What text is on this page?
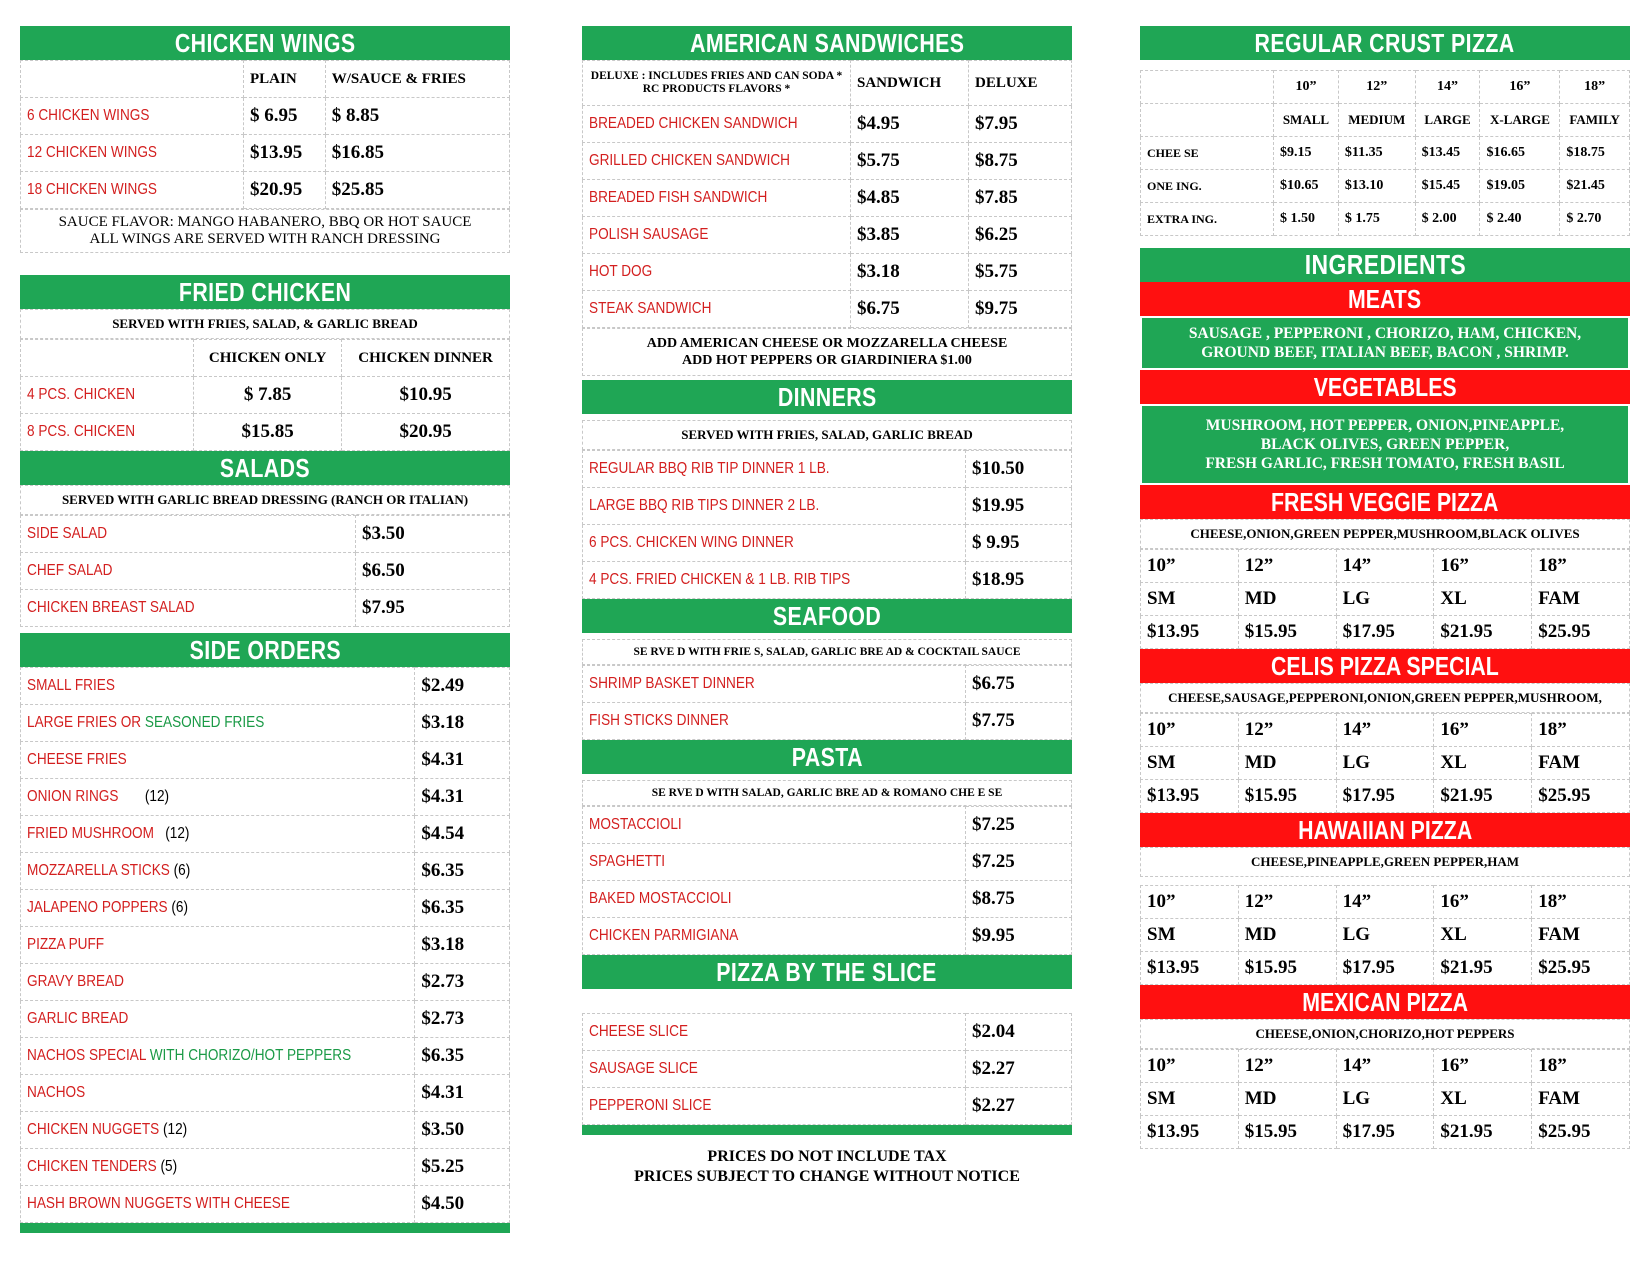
CHICKEN WINGS
	PLAIN	W/SAUCE & FRIES
6 CHICKEN WINGS	$ 6.95	$ 8.85
12 CHICKEN WINGS	$13.95	$16.85
18 CHICKEN WINGS	$20.95	$25.85
SAUCE FLAVOR: MANGO HABANERO, BBQ OR HOT SAUCE
ALL WINGS ARE SERVED WITH RANCH DRESSING
FRIED CHICKEN
SERVED WITH FRIES, SALAD, & GARLIC BREAD
	CHICKEN ONLY	CHICKEN DINNER
4 PCS. CHICKEN	$ 7.85	$10.95
8 PCS. CHICKEN	$15.85	$20.95
SALADS
SERVED WITH GARLIC BREAD DRESSING (RANCH OR ITALIAN)
SIDE SALAD	$3.50
CHEF SALAD	$6.50
CHICKEN BREAST SALAD	$7.95
SIDE ORDERS
SMALL FRIES	$2.49
LARGE FRIES OR SEASONED FRIES	$3.18
CHEESE FRIES	$4.31
ONION RINGS (12)	$4.31
FRIED MUSHROOM (12)	$4.54
MOZZARELLA STICKS (6)	$6.35
JALAPENO POPPERS (6)	$6.35
PIZZA PUFF	$3.18
GRAVY BREAD	$2.73
GARLIC BREAD	$2.73
NACHOS SPECIAL WITH CHORIZO/HOT PEPPERS	$6.35
NACHOS	$4.31
CHICKEN NUGGETS (12)	$3.50
CHICKEN TENDERS (5)	$5.25
HASH BROWN NUGGETS WITH CHEESE	$4.50
AMERICAN SANDWICHES
DELUXE : INCLUDES FRIES AND CAN SODA * RC PRODUCTS FLAVORS *	SANDWICH	DELUXE
BREADED CHICKEN SANDWICH	$4.95	$7.95
GRILLED CHICKEN SANDWICH	$5.75	$8.75
BREADED FISH SANDWICH	$4.85	$7.85
POLISH SAUSAGE	$3.85	$6.25
HOT DOG	$3.18	$5.75
STEAK SANDWICH	$6.75	$9.75
ADD AMERICAN CHEESE OR MOZZARELLA CHEESE
ADD HOT PEPPERS OR GIARDINIERA $1.00
DINNERS
SERVED WITH FRIES, SALAD, GARLIC BREAD
REGULAR BBQ RIB TIP DINNER 1 LB.	$10.50
LARGE BBQ RIB TIPS DINNER 2 LB.	$19.95
6 PCS. CHICKEN WING DINNER	$ 9.95
4 PCS. FRIED CHICKEN & 1 LB. RIB TIPS	$18.95
SEAFOOD
SE RVE D WITH FRIE S, SALAD, GARLIC BRE AD & COCKTAIL SAUCE
SHRIMP BASKET DINNER	$6.75
FISH STICKS DINNER	$7.75
PASTA
SE RVE D WITH SALAD, GARLIC BRE AD & ROMANO CHE E SE
MOSTACCIOLI	$7.25
SPAGHETTI	$7.25
BAKED MOSTACCIOLI	$8.75
CHICKEN PARMIGIANA	$9.95
PIZZA BY THE SLICE
CHEESE SLICE	$2.04
SAUSAGE SLICE	$2.27
PEPPERONI SLICE	$2.27
PRICES DO NOT INCLUDE TAX
PRICES SUBJECT TO CHANGE WITHOUT NOTICE
REGULAR CRUST PIZZA
	10”	12”	14”	16”	18”
	SMALL	MEDIUM	LARGE	X-LARGE	FAMILY
CHEE SE	$9.15	$11.35	$13.45	$16.65	$18.75
ONE ING.	$10.65	$13.10	$15.45	$19.05	$21.45
EXTRA ING.	$ 1.50	$ 1.75	$ 2.00	$ 2.40	$ 2.70
INGREDIENTS
MEATS
SAUSAGE , PEPPERONI , CHORIZO, HAM, CHICKEN,
GROUND BEEF, ITALIAN BEEF, BACON , SHRIMP.
VEGETABLES
MUSHROOM, HOT PEPPER, ONION,PINEAPPLE,
BLACK OLIVES, GREEN PEPPER,
FRESH GARLIC, FRESH TOMATO, FRESH BASIL
FRESH VEGGIE PIZZA
CHEESE,ONION,GREEN PEPPER,MUSHROOM,BLACK OLIVES
10”	12”	14”	16”	18”
SM	MD	LG	XL	FAM
$13.95	$15.95	$17.95	$21.95	$25.95
CELIS PIZZA SPECIAL
CHEESE,SAUSAGE,PEPPERONI,ONION,GREEN PEPPER,MUSHROOM,
10”	12”	14”	16”	18”
SM	MD	LG	XL	FAM
$13.95	$15.95	$17.95	$21.95	$25.95
HAWAIIAN PIZZA
CHEESE,PINEAPPLE,GREEN PEPPER,HAM
10”	12”	14”	16”	18”
SM	MD	LG	XL	FAM
$13.95	$15.95	$17.95	$21.95	$25.95
MEXICAN PIZZA
CHEESE,ONION,CHORIZO,HOT PEPPERS
10”	12”	14”	16”	18”
SM	MD	LG	XL	FAM
$13.95	$15.95	$17.95	$21.95	$25.95
